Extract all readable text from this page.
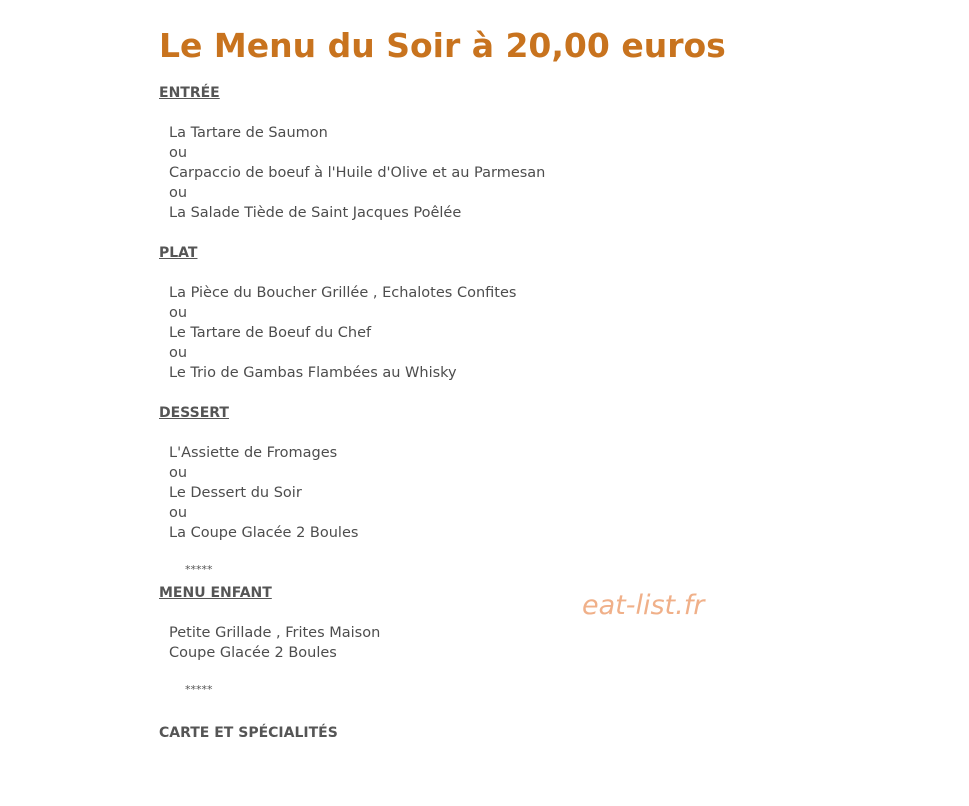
Le Menu du Soir à 20,00 euros
ENTRÉE
La Tartare de Saumon
ou
Carpaccio de boeuf à l'Huile d'Olive et au Parmesan
ou
La Salade Tiède de Saint Jacques Poêlée
PLAT
La Pièce du Boucher Grillée , Echalotes Confites
ou
Le Tartare de Boeuf du Chef
ou
Le Trio de Gambas Flambées au Whisky
DESSERT
L'Assiette de Fromages
ou
Le Dessert du Soir
ou
La Coupe Glacée 2 Boules
*****
MENU ENFANT
Petite Grillade , Frites Maison
Coupe Glacée 2 Boules
*****
CARTE ET SPÉCIALITÉS
eat-list.fr
